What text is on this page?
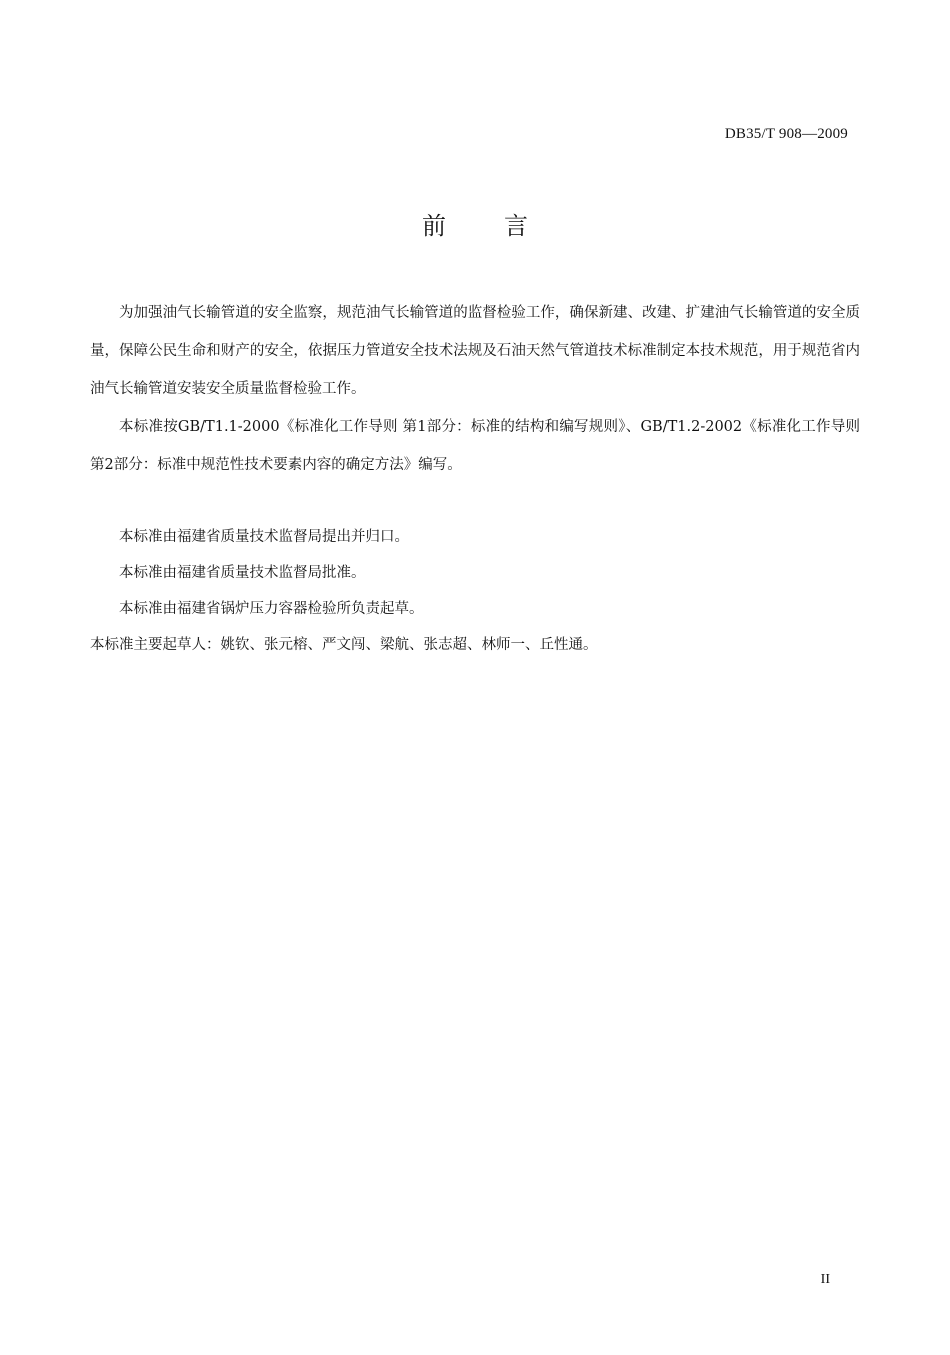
DB35/T 908—2009
前言

为加强油气长输管道的安全监察，规范油气长输管道的监督检验工作，确保新建、改建、扩建油气长输管道的安全质量，保障公民生命和财产的安全，依据压力管道安全技术法规及石油天然气管道技术标准制定本技术规范，用于规范省内油气长输管道安装安全质量监督检验工作。

本标准按GB/T1.1-2000《标准化工作导则 第1部分：标准的结构和编写规则》、GB/T1.2-2002《标准化工作导则 第2部分：标准中规范性技术要素内容的确定方法》编写。

本标准由福建省质量技术监督局提出并归口。

本标准由福建省质量技术监督局批准。

本标准由福建省锅炉压力容器检验所负责起草。

本标准主要起草人：姚钦、张元榕、严文闯、梁航、张志超、林师一、丘性通。

II
